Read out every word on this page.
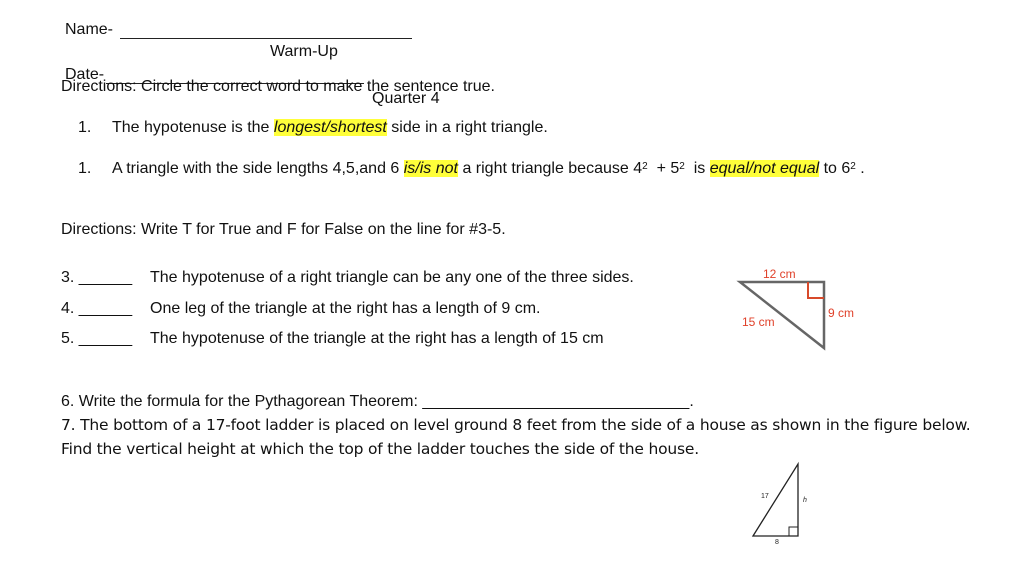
Name-
Warm-Up
Date-
Quarter 4
Directions: Circle the correct word to make the sentence true.
1. The hypotenuse is the longest/shortest side in a right triangle.
1. A triangle with the side lengths 4,5,and 6 is/is not a right triangle because $4^2 + 5^2$  is equal/not equal to $6^2$ .
Directions: Write T for True and F for False on the line for #3-5.
3. ______ The hypotenuse of a right triangle can be any one of the three sides.
4. ______ One leg of the triangle at the right has a length of 9 cm.
5. ______ The hypotenuse of the triangle at the right has a length of 15 cm
12 cm
9 cm
15 cm
6. Write the formula for the Pythagorean Theorem: ______________________________.
7. The bottom of a 17-foot ladder is placed on level ground 8 feet from the side of a house as shown in the figure below.
Find the vertical height at which the top of the ladder touches the side of the house.
17
h
8
